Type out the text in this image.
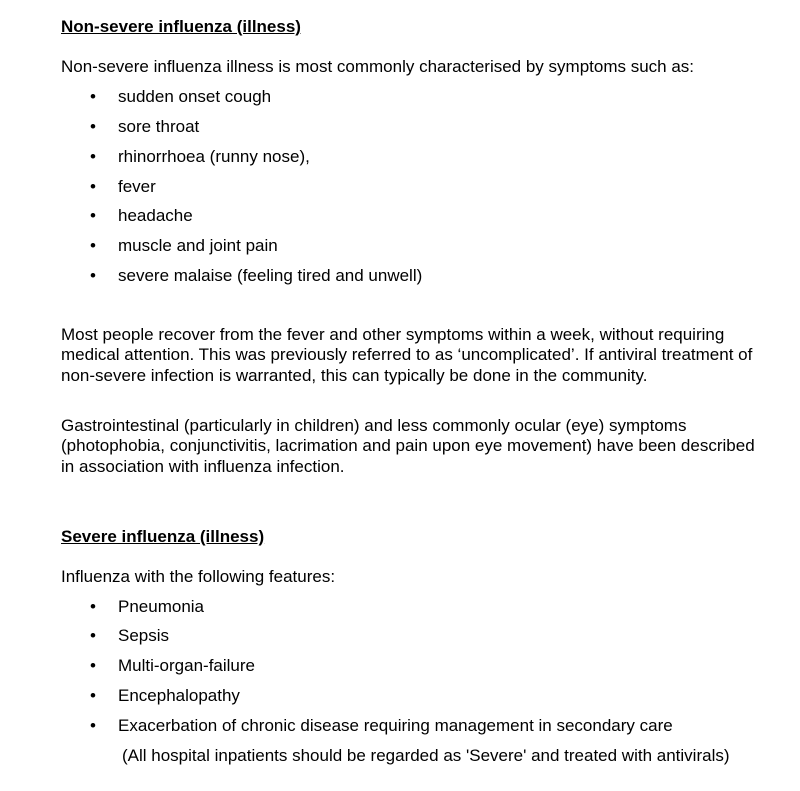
Non-severe influenza (illness)
Non-severe influenza illness is most commonly characterised by symptoms such as:
• sudden onset cough
• sore throat
• rhinorrhoea (runny nose),
• fever
• headache
• muscle and joint pain
• severe malaise (feeling tired and unwell)
Most people recover from the fever and other symptoms within a week, without requiring medical attention. This was previously referred to as ‘uncomplicated’. If antiviral treatment of non-severe infection is warranted, this can typically be done in the community.
Gastrointestinal (particularly in children) and less commonly ocular (eye) symptoms (photophobia, conjunctivitis, lacrimation and pain upon eye movement) have been described in association with influenza infection.
Severe influenza (illness)
Influenza with the following features:
• Pneumonia
• Sepsis
• Multi-organ-failure
• Encephalopathy
• Exacerbation of chronic disease requiring management in secondary care
(All hospital inpatients should be regarded as 'Severe' and treated with antivirals)
